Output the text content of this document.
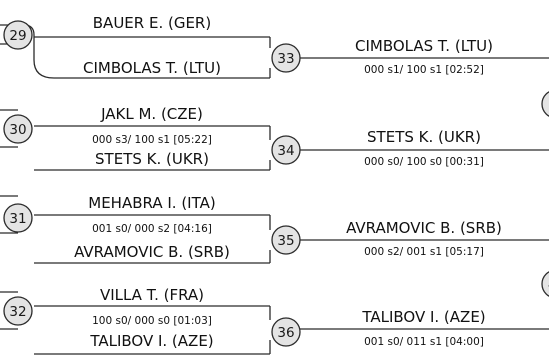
29
30
31
32
BAUER E. (GER)
CIMBOLAS T. (LTU)
JAKL M. (CZE)
000 s3/ 100 s1 [05:22]
STETS K. (UKR)
MEHABRA I. (ITA)
001 s0/ 000 s2 [04:16]
AVRAMOVIC B. (SRB)
VILLA T. (FRA)
100 s0/ 000 s0 [01:03]
TALIBOV I. (AZE)
33
34
35
36
CIMBOLAS T. (LTU)
000 s1/ 100 s1 [02:52]
STETS K. (UKR)
000 s0/ 100 s0 [00:31]
AVRAMOVIC B. (SRB)
000 s2/ 001 s1 [05:17]
TALIBOV I. (AZE)
001 s0/ 011 s1 [04:00]
